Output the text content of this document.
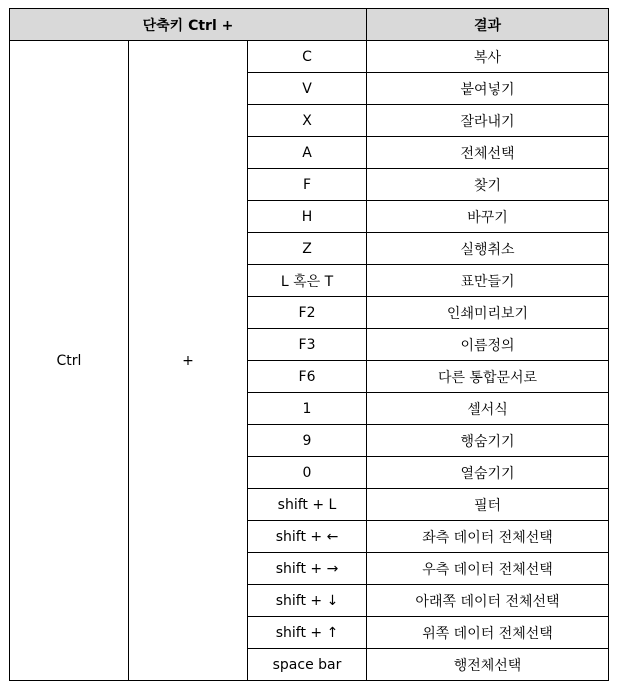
단축키 Ctrl +			결과
Ctrl	+	C	복사
		V	붙여넣기
		X	잘라내기
		A	전체선택
		F	찾기
		H	바꾸기
		Z	실행취소
		L 혹은 T	표만들기
		F2	인쇄미리보기
		F3	이름정의
		F6	다른 통합문서로
		1	셀서식
		9	행숨기기
		0	열숨기기
		shift + L	필터
		shift + ←	좌측 데이터 전체선택
		shift + →	우측 데이터 전체선택
		shift + ↓	아래쪽 데이터 전체선택
		shift + ↑	위쪽 데이터 전체선택
		space bar	행전체선택
